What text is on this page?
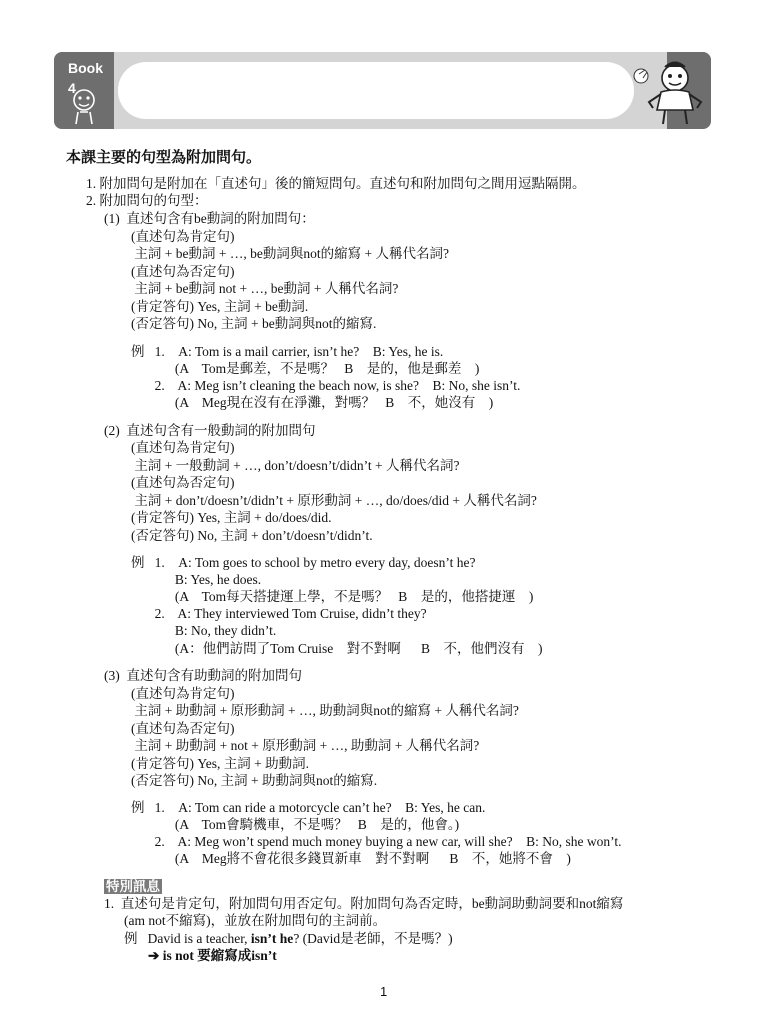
Book
4
本課主要的句型為附加問句。
1. 附加問句是附加在「直述句」後的簡短問句。直述句和附加問句之間用逗點隔開。
2. 附加問句的句型：
(1)  直述句含有be動詞的附加問句：
(直述句為肯定句)
主詞 + be動詞 + …, be動詞與not的縮寫 + 人稱代名詞?
(直述句為否定句)
主詞 + be動詞 not + …, be動詞 + 人稱代名詞?
(肯定答句) Yes, 主詞 + be動詞.
(否定答句) No, 主詞 + be動詞與not的縮寫.
例   1.    A: Tom is a mail carrier, isn’t he?    B: Yes, he is.
(A    Tom是郵差，不是嗎？   B    是的，他是郵差    )
2.    A: Meg isn’t cleaning the beach now, is she?    B: No, she isn’t.
(A    Meg現在沒有在淨灘，對嗎？   B    不，她沒有    )
(2)  直述句含有一般動詞的附加問句
(直述句為肯定句)
主詞 + 一般動詞 + …, don’t/doesn’t/didn’t + 人稱代名詞?
(直述句為否定句)
主詞 + don’t/doesn’t/didn’t + 原形動詞 + …, do/does/did + 人稱代名詞?
(肯定答句) Yes, 主詞 + do/does/did.
(否定答句) No, 主詞 + don’t/doesn’t/didn’t.
例   1.    A: Tom goes to school by metro every day, doesn’t he?
B: Yes, he does.
(A    Tom每天搭捷運上學，不是嗎？   B    是的，他搭捷運    )
2.    A: They interviewed Tom Cruise, didn’t they?
B: No, they didn’t.
(A：他們訪問了Tom Cruise    對不對啊      B    不，他們沒有    )
(3)  直述句含有助動詞的附加問句
(直述句為肯定句)
主詞 + 助動詞 + 原形動詞 + …, 助動詞與not的縮寫 + 人稱代名詞?
(直述句為否定句)
主詞 + 助動詞 + not + 原形動詞 + …, 助動詞 + 人稱代名詞?
(肯定答句) Yes, 主詞 + 助動詞.
(否定答句) No, 主詞 + 助動詞與not的縮寫.
例   1.    A: Tom can ride a motorcycle can’t he?    B: Yes, he can.
(A    Tom會騎機車，不是嗎？   B    是的，他會。)
2.    A: Meg won’t spend much money buying a new car, will she?    B: No, she won’t.
(A    Meg將不會花很多錢買新車    對不對啊      B    不，她將不會    )
特別訊息
1. 直述句是肯定句，附加問句用否定句。附加問句為否定時，be動詞助動詞要和not縮寫
(am not不縮寫)，並放在附加問句的主詞前。
例   David is a teacher, isn’t he? (David是老師，不是嗎？)
➔ is not 要縮寫成isn’t
1
